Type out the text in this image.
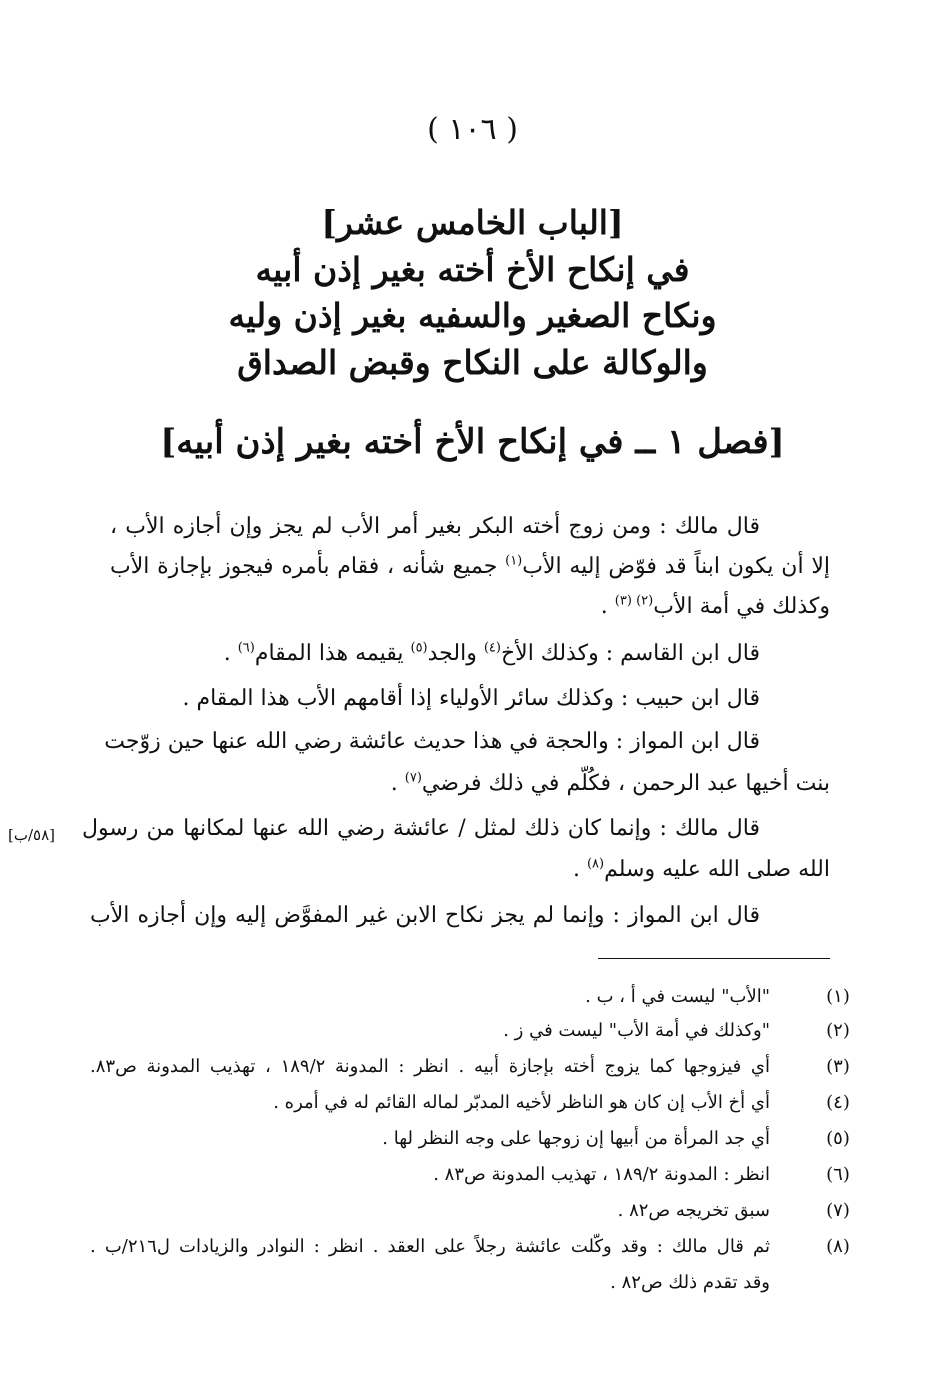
( ١٠٦ )
[الباب الخامس عشر]
في إنكاح الأخ أخته بغير إذن أبيه
ونكاح الصغير والسفيه بغير إذن وليه
والوكالة على النكاح وقبض الصداق
[فصل ١ ــ في إنكاح الأخ أخته بغير إذن أبيه]
قال مالك : ومن زوج أخته البكر بغير أمر الأب لم يجز وإن أجازه الأب ،
إلا أن يكون ابناً قد فوّض إليه الأب$^{(١)}$ جميع شأنه ، فقام بأمره فيجوز بإجازة الأب
وكذلك في أمة الأب$^{(٢)}$ $^{(٣)}$ .
قال ابن القاسم : وكذلك الأخ$^{(٤)}$ والجد$^{(٥)}$ يقيمه هذا المقام$^{(٦)}$ .
قال ابن حبيب : وكذلك سائر الأولياء إذا أقامهم الأب هذا المقام .
قال ابن المواز : والحجة في هذا حديث عائشة رضي الله عنها حين زوّجت
بنت أخيها عبد الرحمن ، فكُلّم في ذلك فرضي$^{(٧)}$ .
قال مالك : وإنما كان ذلك لمثل / عائشة رضي الله عنها لمكانها من رسول
[٥٨/ب]
الله صلى الله عليه وسلم$^{(٨)}$ .
قال ابن المواز : وإنما لم يجز نكاح الابن غير المفوَّض إليه وإن أجازه الأب
(١)
"الأب" ليست في أ ، ب .
(٢)
"وكذلك في أمة الأب" ليست في ز .
(٣)
أي فيزوجها كما يزوج أخته بإجازة أبيه . انظر : المدونة ١٨٩/٢ ، تهذيب المدونة ص٨٣.
(٤)
أي أخ الأب إن كان هو الناظر لأخيه المدبّر لماله القائم له في أمره .
(٥)
أي جد المرأة من أبيها إن زوجها على وجه النظر لها .
(٦)
انظر : المدونة ١٨٩/٢ ، تهذيب المدونة ص٨٣ .
(٧)
سبق تخريجه ص٨٢ .
(٨)
ثم قال مالك : وقد وكّلت عائشة رجلاً على العقد . انظر : النوادر والزيادات ل٢١٦/ب .
وقد تقدم ذلك ص٨٢ .
